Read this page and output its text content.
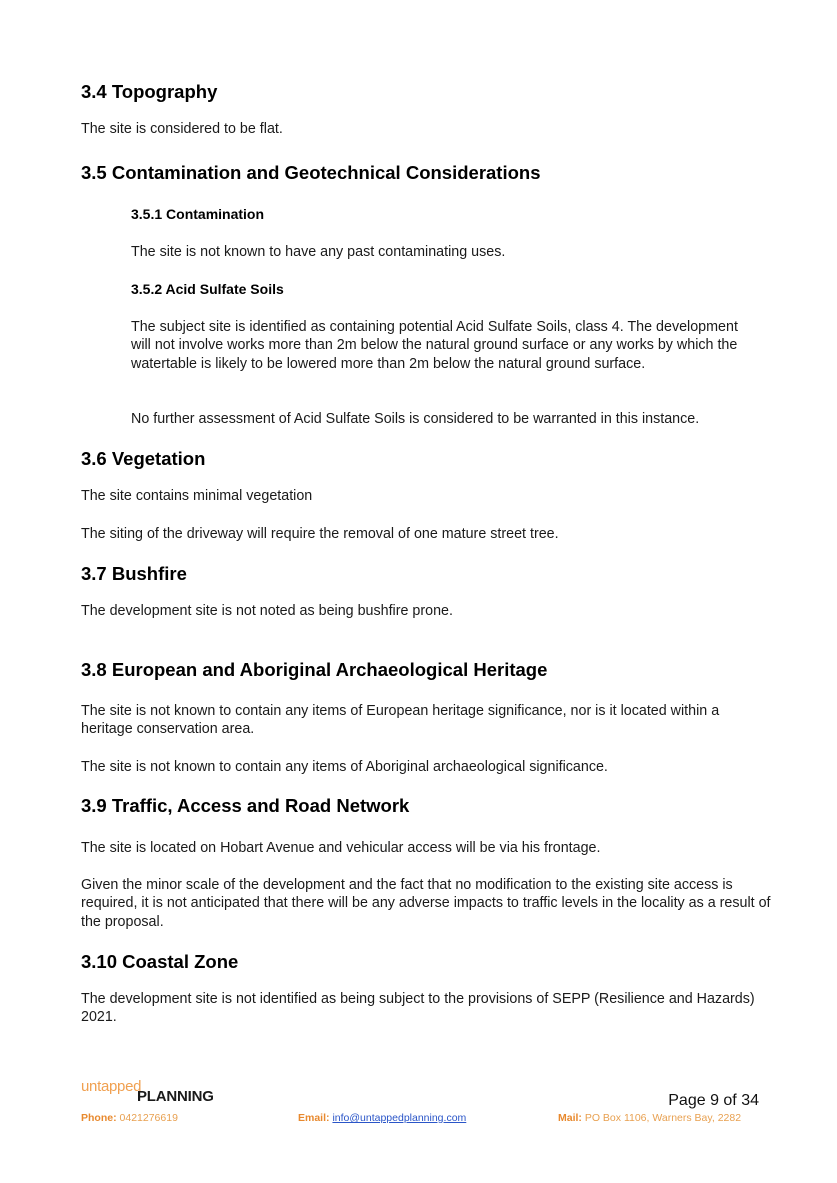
3.4 Topography

The site is considered to be flat.

3.5 Contamination and Geotechnical Considerations
3.5.1 Contamination

The site is not known to have any past contaminating uses.

3.5.2 Acid Sulfate Soils

The subject site is identified as containing potential Acid Sulfate Soils, class 4. The development will not involve works more than 2m below the natural ground surface or any works by which the watertable is likely to be lowered more than 2m below the natural ground surface.

No further assessment of Acid Sulfate Soils is considered to be warranted in this instance.

3.6 Vegetation

The site contains minimal vegetation

The siting of the driveway will require the removal of one mature street tree.

3.7 Bushfire

The development site is not noted as being bushfire prone.

3.8 European and Aboriginal Archaeological Heritage

The site is not known to contain any items of European heritage significance, nor is it located within a heritage conservation area.

The site is not known to contain any items of Aboriginal archaeological significance.

3.9 Traffic, Access and Road Network

The site is located on Hobart Avenue and vehicular access will be via his frontage.

Given the minor scale of the development and the fact that no modification to the existing site access is required, it is not anticipated that there will be any adverse impacts to traffic levels in the locality as a result of the proposal.

3.10 Coastal Zone

The development site is not identified as being subject to the provisions of SEPP (Resilience and Hazards) 2021.

untapped
PLANNING	Page 9 of 34
Phone: 0421276619	Email: info@untappedplanning.com	Mail: PO Box 1106, Warners Bay, 2282
